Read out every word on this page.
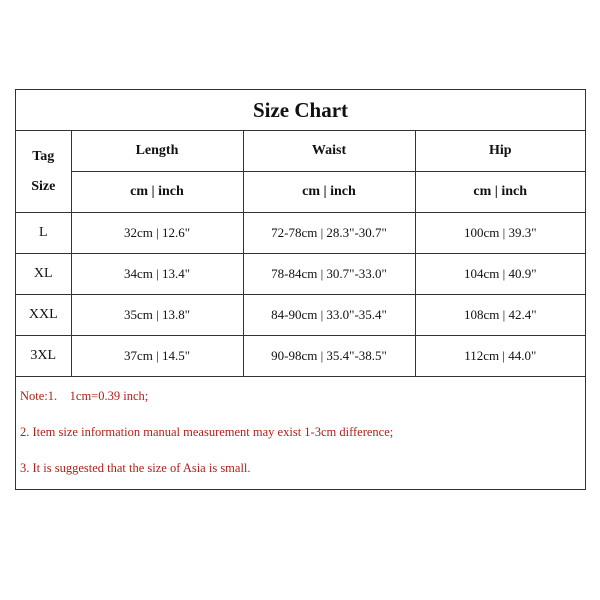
Size Chart			

Tag
Size	Length	Waist	Hip
	cm | inch	cm | inch	cm | inch
L	32cm | 12.6"	72-78cm | 28.3"-30.7"	100cm | 39.3"
XL	34cm | 13.4"	78-84cm | 30.7"-33.0"	104cm | 40.9"
XXL	35cm | 13.8"	84-90cm | 33.0"-35.4"	108cm | 42.4"
3XL	37cm | 14.5"	90-98cm | 35.4"-38.5"	112cm | 44.0"
Note:1.    1cm=0.39 inch;
2. Item size information manual measurement may exist 1-3cm difference;
3. It is suggested that the size of Asia is small.
